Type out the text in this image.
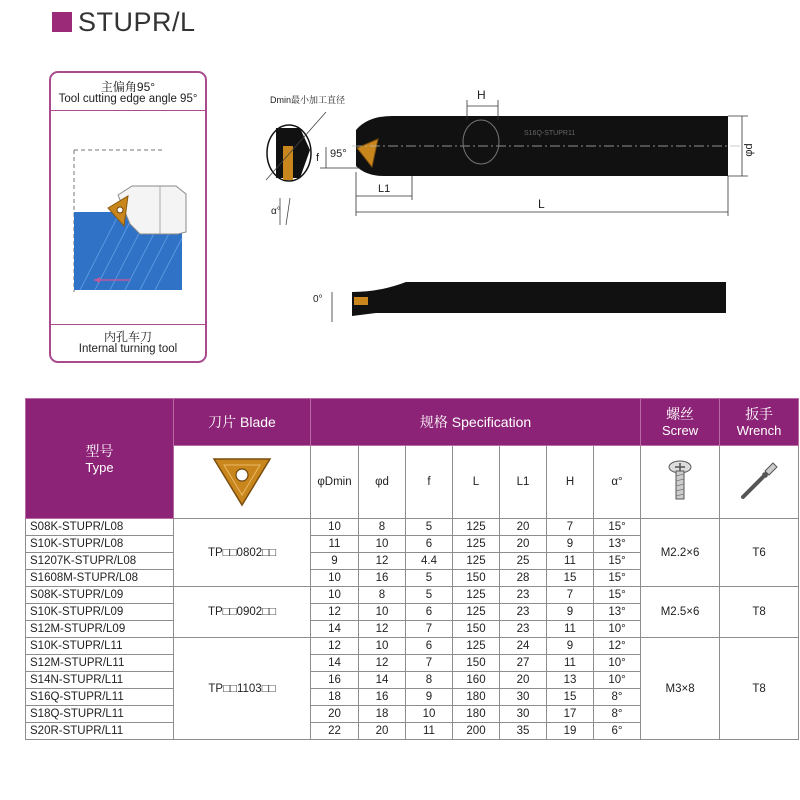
STUPR/L
主偏角95°
Tool cutting edge angle 95°
内孔车刀
Internal turning tool
Dmin最小加工直径	H
φd
f 95°
L1
L
α°
0°
S16Q-STUPR11
型号
Type	刀片 Blade	规格 Specification							螺丝
Screw	扳手
Wrench

	φDmin	φd	f	L	L1	H	α°		
S08K-STUPR/L08	TP□□0802□□	10	8	5	125	20	7	15°	M2.2×6	T6
S10K-STUPR/L08		11	10	6	125	20	9	13°		
S1207K-STUPR/L08		9	12	4.4	125	25	11	15°		
S1608M-STUPR/L08		10	16	5	150	28	15	15°		
S08K-STUPR/L09	TP□□0902□□	10	8	5	125	23	7	15°	M2.5×6	T8
S10K-STUPR/L09		12	10	6	125	23	9	13°		
S12M-STUPR/L09		14	12	7	150	23	11	10°		
S10K-STUPR/L11	TP□□1103□□	12	10	6	125	24	9	12°	M3×8	T8
S12M-STUPR/L11		14	12	7	150	27	11	10°		
S14N-STUPR/L11		16	14	8	160	20	13	10°		
S16Q-STUPR/L11		18	16	9	180	30	15	8°		
S18Q-STUPR/L11		20	18	10	180	30	17	8°		
S20R-STUPR/L11		22	20	11	200	35	19	6°		
